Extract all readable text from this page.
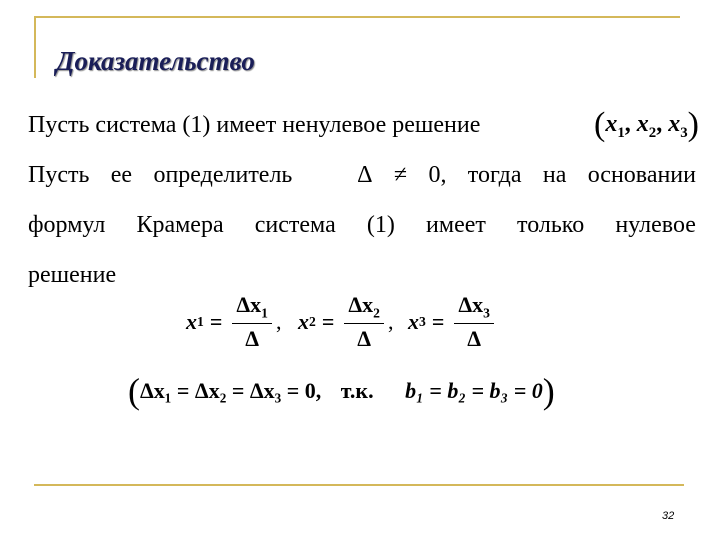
Доказательство
Пусть система (1) имеет ненулевое решение	($x_1$, $x_2$, $x_3$)
Пусть ее определитель	Δ ≠ 0, тогда на основании
формул Крамера система (1) имеет только нулевое
решение
x $1 = \frac{\Delta x_1}{\Delta}$ , x $2 = \frac{\Delta x_2}{\Delta}$ , x $3 = \frac{\Delta x_3}{\Delta}$
(Δx₁ = Δx₂ = Δx₃ = 0, т.к. b₁ = b₂ = b₃ = 0)
32
